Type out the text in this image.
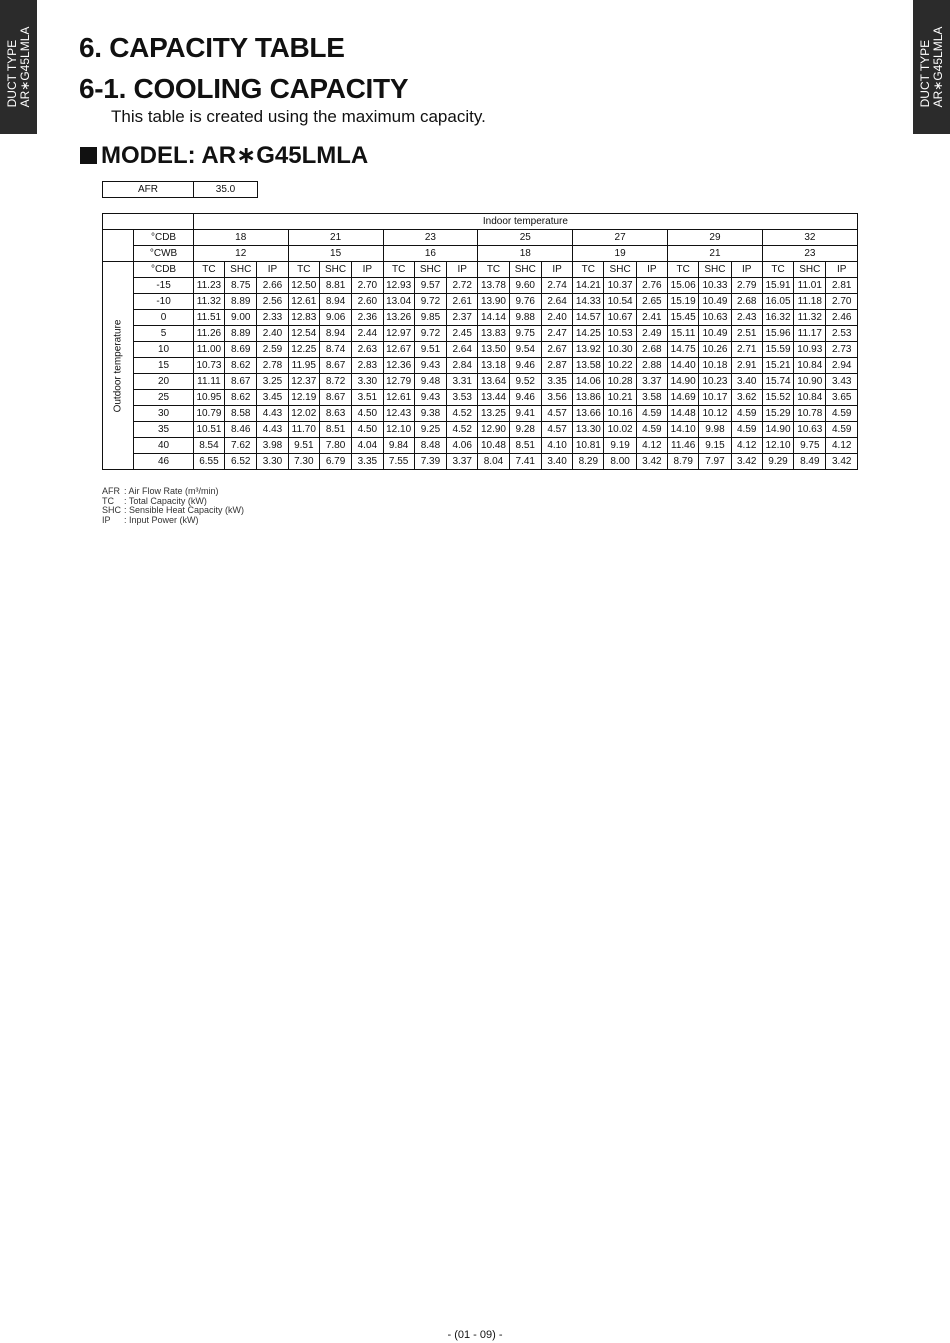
DUCT TYPE AR∗G45LMLA	DUCT TYPE AR∗G45LMLA
6. CAPACITY TABLE
6-1. COOLING CAPACITY
This table is created using the maximum capacity.
MODEL: AR∗G45LMLA
AFR	35.0
		Indoor temperature																				
	°CDB	18			21			23			25			27			29			32		
	°CWB	12			15			16			18			19			21			23		

Outdoor temperature	°CDB	TC	SHC	IP	TC	SHC	IP	TC	SHC	IP	TC	SHC	IP	TC	SHC	IP	TC	SHC	IP	TC	SHC	IP
	-15	11.23	8.75	2.66	12.50	8.81	2.70	12.93	9.57	2.72	13.78	9.60	2.74	14.21	10.37	2.76	15.06	10.33	2.79	15.91	11.01	2.81
	-10	11.32	8.89	2.56	12.61	8.94	2.60	13.04	9.72	2.61	13.90	9.76	2.64	14.33	10.54	2.65	15.19	10.49	2.68	16.05	11.18	2.70
	0	11.51	9.00	2.33	12.83	9.06	2.36	13.26	9.85	2.37	14.14	9.88	2.40	14.57	10.67	2.41	15.45	10.63	2.43	16.32	11.32	2.46
	5	11.26	8.89	2.40	12.54	8.94	2.44	12.97	9.72	2.45	13.83	9.75	2.47	14.25	10.53	2.49	15.11	10.49	2.51	15.96	11.17	2.53
	10	11.00	8.69	2.59	12.25	8.74	2.63	12.67	9.51	2.64	13.50	9.54	2.67	13.92	10.30	2.68	14.75	10.26	2.71	15.59	10.93	2.73
	15	10.73	8.62	2.78	11.95	8.67	2.83	12.36	9.43	2.84	13.18	9.46	2.87	13.58	10.22	2.88	14.40	10.18	2.91	15.21	10.84	2.94
	20	11.11	8.67	3.25	12.37	8.72	3.30	12.79	9.48	3.31	13.64	9.52	3.35	14.06	10.28	3.37	14.90	10.23	3.40	15.74	10.90	3.43
	25	10.95	8.62	3.45	12.19	8.67	3.51	12.61	9.43	3.53	13.44	9.46	3.56	13.86	10.21	3.58	14.69	10.17	3.62	15.52	10.84	3.65
	30	10.79	8.58	4.43	12.02	8.63	4.50	12.43	9.38	4.52	13.25	9.41	4.57	13.66	10.16	4.59	14.48	10.12	4.59	15.29	10.78	4.59
	35	10.51	8.46	4.43	11.70	8.51	4.50	12.10	9.25	4.52	12.90	9.28	4.57	13.30	10.02	4.59	14.10	9.98	4.59	14.90	10.63	4.59
	40	8.54	7.62	3.98	9.51	7.80	4.04	9.84	8.48	4.06	10.48	8.51	4.10	10.81	9.19	4.12	11.46	9.15	4.12	12.10	9.75	4.12
	46	6.55	6.52	3.30	7.30	6.79	3.35	7.55	7.39	3.37	8.04	7.41	3.40	8.29	8.00	3.42	8.79	7.97	3.42	9.29	8.49	3.42
AFR : Air Flow Rate (m³/min)
TC : Total Capacity (kW)
SHC : Sensible Heat Capacity (kW)
IP : Input Power (kW)
- (01 - 09) -
